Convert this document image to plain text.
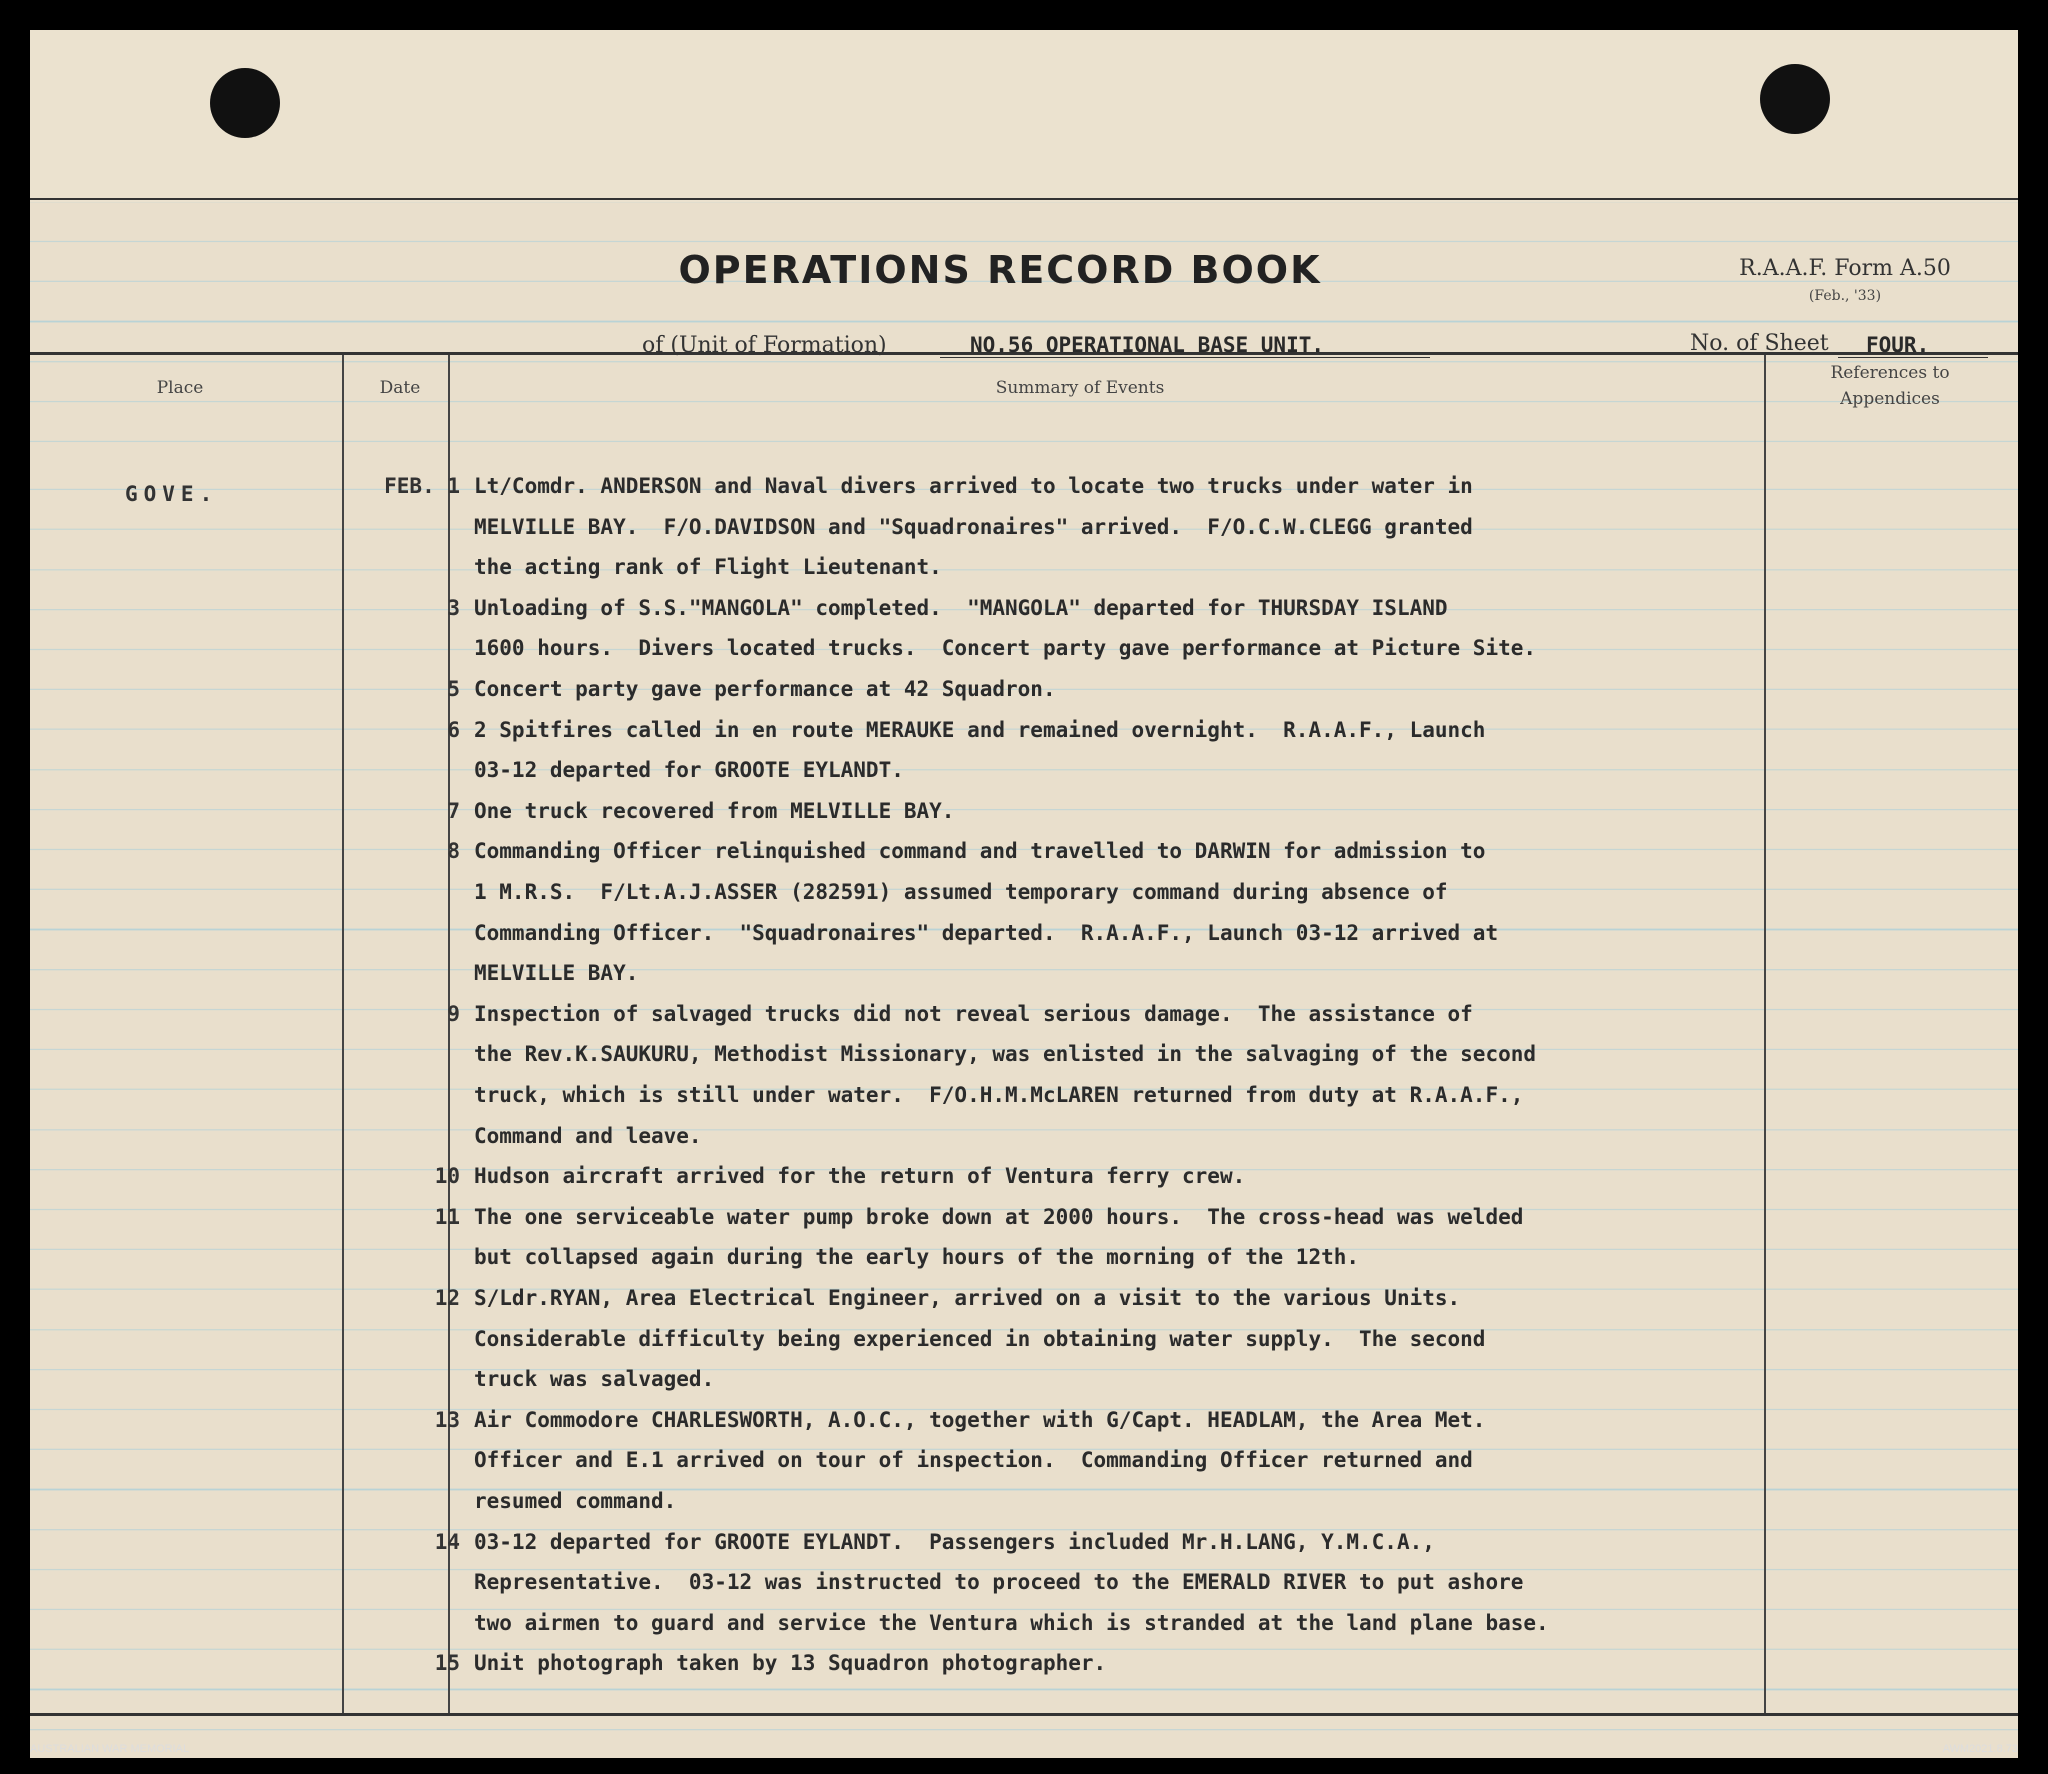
OPERATIONS RECORD BOOK	R.A.A.F. Form A.50
(Feb., '33)
of (Unit of Formation)	NO.56 OPERATIONAL BASE UNIT.	No. of Sheet	FOUR.
Place	Date	Summary of Events
References to
Appendices
GOVE.	FEB. 1 Lt/Comdr. ANDERSON and Naval divers arrived to locate two trucks under water in
MELVILLE BAY.  F/O.DAVIDSON and "Squadronaires" arrived.  F/O.C.W.CLEGG granted
the acting rank of Flight Lieutenant.
3 Unloading of S.S."MANGOLA" completed.  "MANGOLA" departed for THURSDAY ISLAND
1600 hours.  Divers located trucks.  Concert party gave performance at Picture Site.
5 Concert party gave performance at 42 Squadron.
6 2 Spitfires called in en route MERAUKE and remained overnight.  R.A.A.F., Launch
03-12 departed for GROOTE EYLANDT.
7 One truck recovered from MELVILLE BAY.
8 Commanding Officer relinquished command and travelled to DARWIN for admission to
1 M.R.S.  F/Lt.A.J.ASSER (282591) assumed temporary command during absence of
Commanding Officer.  "Squadronaires" departed.  R.A.A.F., Launch 03-12 arrived at
MELVILLE BAY.
9 Inspection of salvaged trucks did not reveal serious damage.  The assistance of
the Rev.K.SAUKURU, Methodist Missionary, was enlisted in the salvaging of the second
truck, which is still under water.  F/O.H.M.McLAREN returned from duty at R.A.A.F.,
Command and leave.
10 Hudson aircraft arrived for the return of Ventura ferry crew.
11 The one serviceable water pump broke down at 2000 hours.  The cross-head was welded
but collapsed again during the early hours of the morning of the 12th.
12 S/Ldr.RYAN, Area Electrical Engineer, arrived on a visit to the various Units.
Considerable difficulty being experienced in obtaining water supply.  The second
truck was salvaged.
13 Air Commodore CHARLESWORTH, A.O.C., together with G/Capt. HEADLAM, the Area Met.
Officer and E.1 arrived on tour of inspection.  Commanding Officer returned and
resumed command.
14 03-12 departed for GROOTE EYLANDT.  Passengers included Mr.H.LANG, Y.M.C.A.,
Representative.  03-12 was instructed to proceed to the EMERALD RIVER to put ashore
two airmen to guard and service the Ventura which is stranded at the land plane base.
15 Unit photograph taken by 13 Squadron photographer.
AUSTRALIAN WAR MEMORIAL	AWM2021.8.73
